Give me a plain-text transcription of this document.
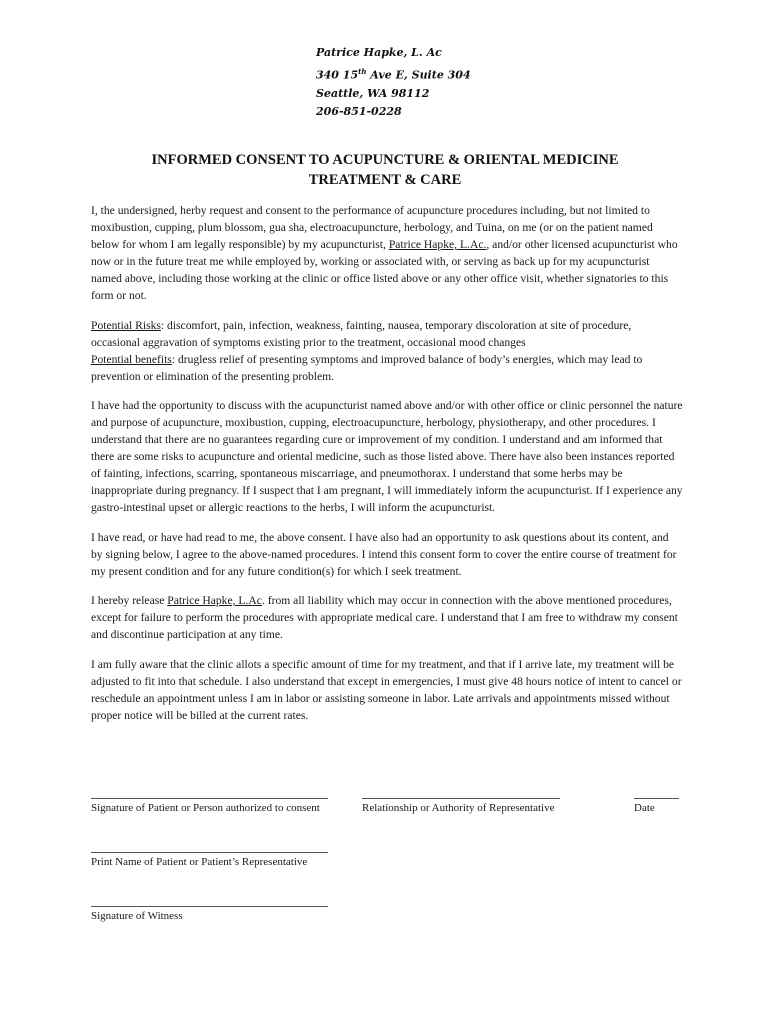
Patrice Hapke, L. Ac
340 15th Ave E, Suite 304
Seattle, WA 98112
206-851-0228
INFORMED CONSENT TO ACUPUNCTURE & ORIENTAL MEDICINE
TREATMENT & CARE

I, the undersigned, herby request and consent to the performance of acupuncture procedures including, but not limited to moxibustion, cupping, plum blossom, gua sha, electroacupuncture, herbology, and Tuina, on me (or on the patient named below for whom I am legally responsible) by my acupuncturist, Patrice Hapke, L.Ac., and/or other licensed acupuncturist who now or in the future treat me while employed by, working or associated with, or serving as back up for my acupuncturist named above, including those working at the clinic or office listed above or any other office visit, whether signatories to this form or not.

Potential Risks: discomfort, pain, infection, weakness, fainting, nausea, temporary discoloration at site of procedure, occasional aggravation of symptoms existing prior to the treatment, occasional mood changes
Potential benefits: drugless relief of presenting symptoms and improved balance of body’s energies, which may lead to prevention or elimination of the presenting problem.

I have had the opportunity to discuss with the acupuncturist named above and/or with other office or clinic personnel the nature and purpose of acupuncture, moxibustion, cupping, electroacupuncture, herbology, physiotherapy, and other procedures. I understand that there are no guarantees regarding cure or improvement of my condition. I understand and am informed that there are some risks to acupuncture and oriental medicine, such as those listed above. There have also been instances reported of fainting, infections, scarring, spontaneous miscarriage, and pneumothorax. I understand that some herbs may be inappropriate during pregnancy. If I suspect that I am pregnant, I will immediately inform the acupuncturist. If I experience any gastro-intestinal upset or allergic reactions to the herbs, I will inform the acupuncturist.

I have read, or have had read to me, the above consent. I have also had an opportunity to ask questions about its content, and by signing below, I agree to the above-named procedures. I intend this consent form to cover the entire course of treatment for my present condition and for any future condition(s) for which I seek treatment.

I hereby release Patrice Hapke, L.Ac. from all liability which may occur in connection with the above mentioned procedures, except for failure to perform the procedures with appropriate medical care. I understand that I am free to withdraw my consent and discontinue participation at any time.

I am fully aware that the clinic allots a specific amount of time for my treatment, and that if I arrive late, my treatment will be adjusted to fit into that schedule. I also understand that except in emergencies, I must give 48 hours notice of intent to cancel or reschedule an appointment unless I am in labor or assisting someone in labor. Late arrivals and appointments missed without proper notice will be billed at the current rates.

Signature of Patient or Person authorized to consent	Relationship or Authority of Representative	Date
Print Name of Patient or Patient’s Representative
Signature of Witness
